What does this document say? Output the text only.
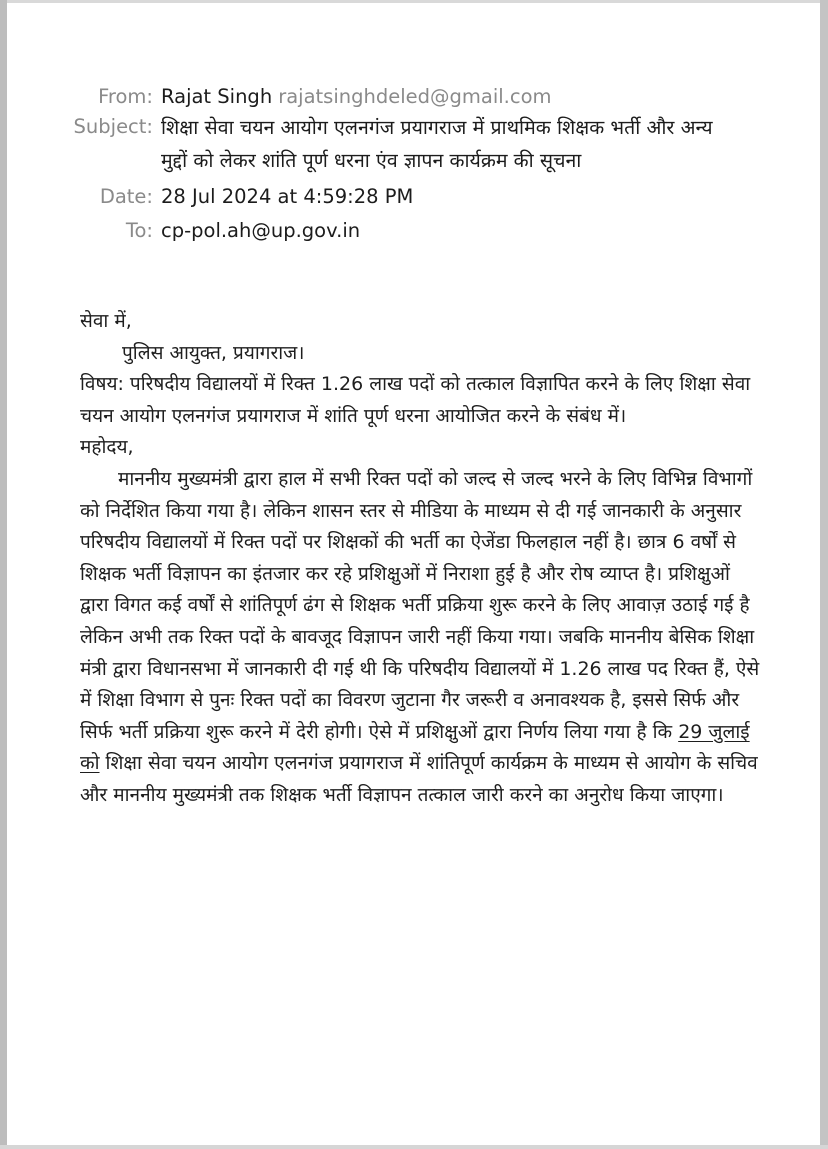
From: Rajat Singh rajatsinghdeled@gmail.com
Subject: शिक्षा सेवा चयन आयोग एलनगंज प्रयागराज में प्राथमिक शिक्षक भर्ती और अन्य मुद्दों को लेकर शांति पूर्ण धरना एंव ज्ञापन कार्यक्रम की सूचना
Date: 28 Jul 2024 at 4:59:28 PM
To: cp-pol.ah@up.gov.in

सेवा में,

पुलिस आयुक्त, प्रयागराज।

विषय: परिषदीय विद्यालयों में रिक्त 1.26 लाख पदों को तत्काल विज्ञापित करने के लिए शिक्षा सेवा चयन आयोग एलनगंज प्रयागराज में शांति पूर्ण धरना आयोजित करने के संबंध में।

महोदय,

माननीय मुख्यमंत्री द्वारा हाल में सभी रिक्त पदों को जल्द से जल्द भरने के लिए विभिन्न विभागों को निर्देशित किया गया है। लेकिन शासन स्तर से मीडिया के माध्यम से दी गई जानकारी के अनुसार परिषदीय विद्यालयों में रिक्त पदों पर शिक्षकों की भर्ती का ऐजेंडा फिलहाल नहीं है। छात्र 6 वर्षों से शिक्षक भर्ती विज्ञापन का इंतजार कर रहे प्रशिक्षुओं में निराशा हुई है और रोष व्याप्त है। प्रशिक्षुओं द्वारा विगत कई वर्षों से शांतिपूर्ण ढंग से शिक्षक भर्ती प्रक्रिया शुरू करने के लिए आवाज़ उठाई गई है लेकिन अभी तक रिक्त पदों के बावजूद विज्ञापन जारी नहीं किया गया। जबकि माननीय बेसिक शिक्षा मंत्री द्वारा विधानसभा में जानकारी दी गई थी कि परिषदीय विद्यालयों में 1.26 लाख पद रिक्त हैं, ऐसे में शिक्षा विभाग से पुनः रिक्त पदों का विवरण जुटाना गैर जरूरी व अनावश्यक है, इससे सिर्फ और सिर्फ भर्ती प्रक्रिया शुरू करने में देरी होगी। ऐसे में प्रशिक्षुओं द्वारा निर्णय लिया गया है कि 29 जुलाई को शिक्षा सेवा चयन आयोग एलनगंज प्रयागराज में शांतिपूर्ण कार्यक्रम के माध्यम से आयोग के सचिव और माननीय मुख्यमंत्री तक शिक्षक भर्ती विज्ञापन तत्काल जारी करने का अनुरोध किया जाएगा।
